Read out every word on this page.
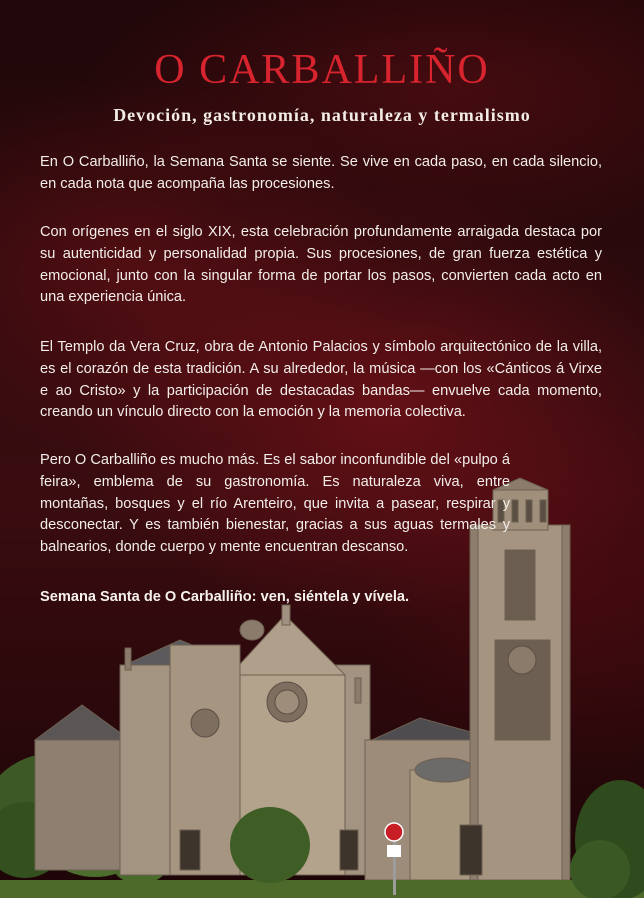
O CARBALLIÑO
Devoción, gastronomía, naturaleza y termalismo

En O Carballiño, la Semana Santa se siente. Se vive en cada paso, en cada silencio, en cada nota que acompaña las procesiones.

Con orígenes en el siglo XIX, esta celebración profundamente arraigada destaca por su autenticidad y personalidad propia. Sus procesiones, de gran fuerza estética y emocional, junto con la singular forma de portar los pasos, convierten cada acto en una experiencia única.

El Templo da Vera Cruz, obra de Antonio Palacios y símbolo arquitectónico de la villa, es el corazón de esta tradición. A su alrededor, la música —con los «Cánticos á Virxe e ao Cristo» y la participación de destacadas bandas— envuelve cada momento, creando un vínculo directo con la emoción y la memoria colectiva.

Pero O Carballiño es mucho más. Es el sabor inconfundible del «pulpo á feira», emblema de su gastronomía. Es naturaleza viva, entre montañas, bosques y el río Arenteiro, que invita a pasear, respirar y desconectar. Y es también bienestar, gracias a sus aguas termales y balnearios, donde cuerpo y mente encuentran descanso.

Semana Santa de O Carballiño: ven, siéntela y vívela.
